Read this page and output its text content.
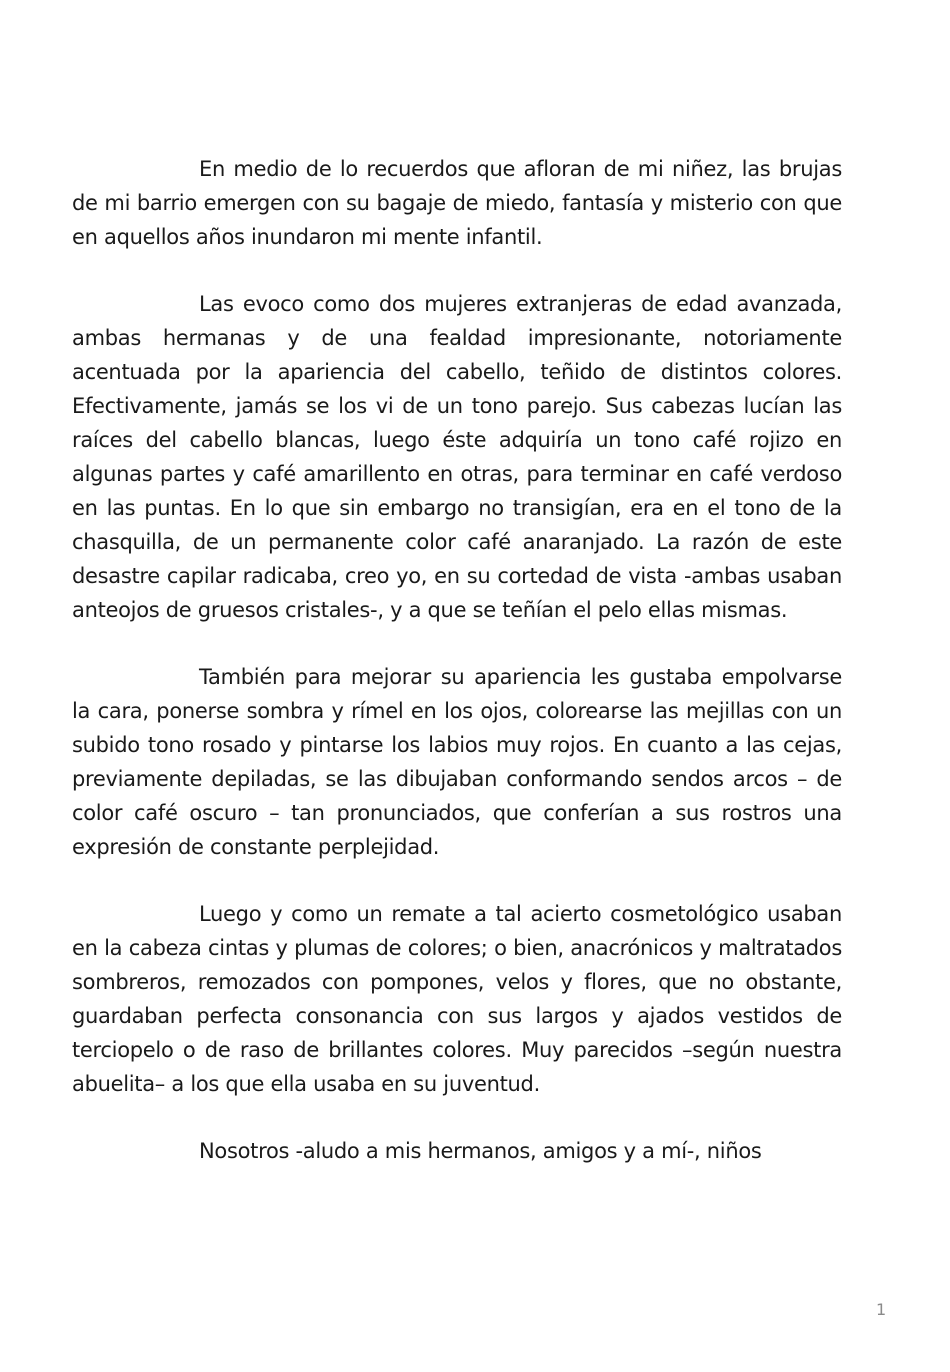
En medio de lo recuerdos que afloran de mi niñez, las brujas de mi barrio emergen con su bagaje de miedo, fantasía y misterio con que en aquellos años inundaron mi mente infantil.

Las evoco como dos mujeres extranjeras de edad avanzada, ambas hermanas y de una fealdad impresionante, notoriamente acentuada por la apariencia del cabello, teñido de distintos colores. Efectivamente, jamás se los vi de un tono parejo. Sus cabezas lucían las raíces del cabello blancas, luego éste adquiría un tono café rojizo en algunas partes y café amarillento en otras, para terminar en café verdoso en las puntas. En lo que sin embargo no transigían, era en el tono de la chasquilla, de un permanente color café anaranjado. La razón de este desastre capilar radicaba, creo yo, en su cortedad de vista -ambas usaban anteojos de gruesos cristales-, y a que se teñían el pelo ellas mismas.

También para mejorar su apariencia les gustaba empolvarse la cara, ponerse sombra y rímel en los ojos, colorearse las mejillas con un subido tono rosado y pintarse los labios muy rojos. En cuanto a las cejas, previamente depiladas, se las dibujaban conformando sendos arcos – de color café oscuro – tan pronunciados, que conferían a sus rostros una expresión de constante perplejidad.

Luego y como un remate a tal acierto cosmetológico usaban en la cabeza cintas y plumas de colores; o bien, anacrónicos y maltratados sombreros, remozados con pompones, velos y flores, que no obstante, guardaban perfecta consonancia con sus largos y ajados vestidos de terciopelo o de raso de brillantes colores. Muy parecidos –según nuestra abuelita– a los que ella usaba en su juventud.

Nosotros -aludo a mis hermanos, amigos y a mí-, niños

1
